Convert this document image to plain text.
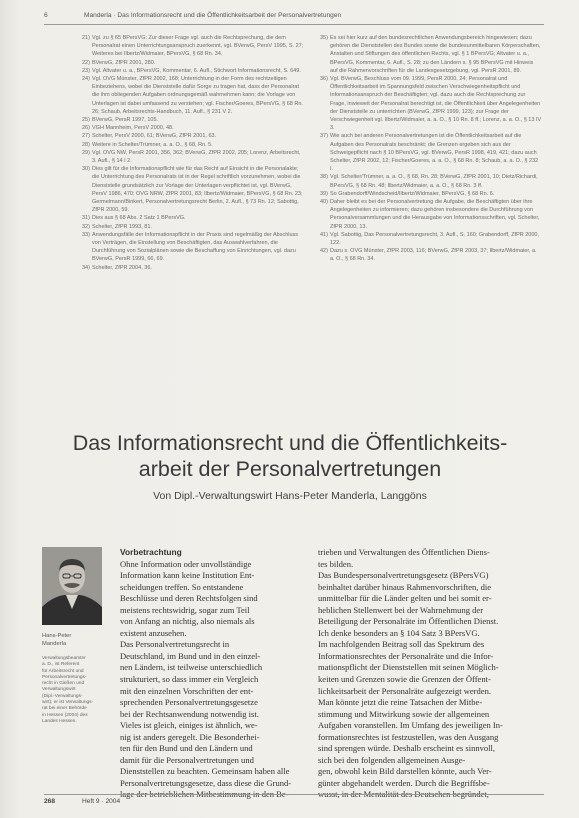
6	Manderla · Das Informationsrecht und die Öffentlichkeitsarbeit der Personalvertretungen
21) Vgl. zu § 65 BPersVG: Zur dieser Frage vgl. auch die Rechtsprechung, die dem Personalrat einen Unterrichtungsanspruch zuerkennt, vgl. BVerwG, PersV 1995, S. 27; Weiteres bei Ilbertz/Widmaier, BPersVG, § 68 Rn. 34.
22) BVerwG, ZfPR 2001, 280.
23) Vgl. Altvater u. a., BPersVG, Kommentar, 6. Aufl., Stichwort Informationsrecht, S. 649.
24) Vgl. OVG Münster, ZfPR 2002, 168; Unterrichtung in der Form des rechtzeitigen Einbeziehens, wobei die Dienststelle dafür Sorge zu tragen hat, dass der Personalrat die ihm obliegenden Aufgaben ordnungsgemäß wahrnehmen kann; die Vorlage von Unterlagen ist dabei umfassend zu verstehen; vgl. Fischer/Goeres, BPersVG, § 68 Rn. 26; Schaub, Arbeitsrechts-Handbuch, 11. Aufl., § 231 V 2.
25) BVerwG, PersR 1997, 105.
26) VGH Mannheim, PersV 2000, 48.
27) Schelter, PersV 2000, 61; BVerwG, ZfPR 2001, 63.
28) Weitere in Schelter/Trümner, a. a. O., § 68, Rn. 5.
29) Vgl. OVG NW, PersR 2001, 356, 362; BVerwG, ZfPR 2002, 205; Lorenz, Arbeitsrecht, 3. Aufl., § 14 I 2.
30) Dies gilt für die Informationspflicht wie für das Recht auf Einsicht in die Personalakte; die Unterrichtung des Personalrats ist in der Regel schriftlich vorzunehmen, wobei die Dienststelle grundsätzlich zur Vorlage der Unterlagen verpflichtet ist, vgl. BVerwG, PersV 1986, 470; OVG NRW, ZfPR 2001, 83; Ilbertz/Widmaier, BPersVG, § 68 Rn. 23; Germelmann/Binkert, Personalvertretungsrecht Berlin, 2. Aufl., § 73 Rn. 12; Sabottig, ZfPR 2000, 59.
31) Dies aus § 68 Abs. 2 Satz 1 BPersVG.
32) Schelter, ZfPR 1993, 81.
33) Anwendungsfälle der Informationspflicht in der Praxis sind regelmäßig der Abschluss von Verträgen, die Einstellung von Beschäftigten, das Auswahlverfahren, die Durchführung von Sozialplänen sowie die Beschaffung von Einrichtungen, vgl. dazu BVerwG, PersR 1999, 66, 69.
34) Schelter, ZfPR 2004, 36.
35) Es sei hier kurz auf den bundesrechtlichen Anwendungsbereich hingewiesen; dazu gehören die Dienststellen des Bundes sowie die bundesunmittelbaren Körperschaften, Anstalten und Stiftungen des öffentlichen Rechts, vgl. § 1 BPersVG; Altvater u. a., BPersVG, Kommentar, 6. Aufl., S. 28; zu den Ländern s. § 95 BPersVG mit Hinweis auf die Rahmenvorschriften für die Landesgesetzgebung, vgl. PersR 2001, 89.
36) Vgl. BVerwG, Beschluss vom 09. 1999, PersR 2000, 24; Personalrat und Öffentlichkeitsarbeit im Spannungsfeld zwischen Verschwiegenheitspflicht und Informationsanspruch der Beschäftigten; vgl. dazu auch die Rechtsprechung zur Frage, inwieweit der Personalrat berechtigt ist, die Öffentlichkeit über Angelegenheiten der Dienststelle zu unterrichten (BVerwG, ZfPR 1999, 123); zur Frage der Verschwiegenheit vgl. Ilbertz/Widmaier, a. a. O., § 10 Rn. 8 ff.; Lorenz, a. a. O., § 13 IV 3.
37) Wie auch bei anderen Personalvertretungen ist die Öffentlichkeitsarbeit auf die Aufgaben des Personalrats beschränkt; die Grenzen ergeben sich aus der Schweigepflicht nach § 10 BPersVG, vgl. BVerwG, PersR 1998, 419, 421; dazu auch Schelter, ZfPR 2002, 12; Fischer/Goeres, a. a. O., § 68 Rn. 8; Schaub, a. a. O., § 232 I.
38) Vgl. Schelter/Trümner, a. a. O., § 68, Rn. 28; BVerwG, ZfPR 2001, 10; Dietz/Richardi, BPersVG, § 68 Rn. 48; Ilbertz/Widmaier, a. a. O., § 68 Rn. 3 ff.
39) So Grabendorff/Windscheid/Ilbertz/Widmaier, BPersVG, § 68 Rn. 6.
40) Daher bleibt es bei der Personalvertretung die Aufgabe, die Beschäftigten über ihre Angelegenheiten zu informieren; dazu gehören insbesondere die Durchführung von Personalversammlungen und die Herausgabe von Informationsschriften, vgl. Schelter, ZfPR 2000, 13.
41) Vgl. Sabottig, Das Personalvertretungsrecht, 3. Aufl., S. 160; Grabendorff, ZfPR 2000, 122.
42) Dazu s. OVG Münster, ZfPR 2003, 116; BVerwG, ZfPR 2003, 37; Ilbertz/Widmaier, a. a. O., § 68 Rn. 34.
Das Informationsrecht und die Öffentlichkeits-
arbeit der Personalvertretungen
Von Dipl.-Verwaltungswirt Hans-Peter Manderla, Langgöns
Hans-Peter
Manderla
Verwaltungsbeamter
a. D., ist Referent
für Arbeitsrecht und
Personalvertretungs-
recht in Gießen und
Verwaltungswirt
(Dipl.-Verwaltungs-
wirt); er ist Verwaltungs-
rat bei einer Behörde
in Hessen (2004) des
Landes Hessen.
Vorbetrachtung
Ohne Information oder unvollständige
Information kann keine Institution Ent-
scheidungen treffen. So entstandene
Beschlüsse und deren Rechtsfolgen sind
meistens rechtswidrig, sogar zum Teil
von Anfang an nichtig, also niemals als
existent anzusehen.
Das Personalvertretungsrecht in
Deutschland, im Bund und in den einzel-
nen Ländern, ist teilweise unterschiedlich
strukturiert, so dass immer ein Vergleich
mit den einzelnen Vorschriften der ent-
sprechenden Personalvertretungsgesetze
bei der Rechtsanwendung notwendig ist.
Vieles ist gleich, einiges ist ähnlich, we-
nig ist anders geregelt. Die Besonderhei-
ten für den Bund und den Ländern und
damit für die Personalvertretungen und
Dienststellen zu beachten. Gemeinsam haben alle
Personalvertretungsgesetze, dass diese die Grund-
lage der betrieblichen Mitbestimmung in den Be-
trieben und Verwaltungen des Öffentlichen Diens-
tes bilden.
Das Bundespersonalvertretungsgesetz (BPersVG)
beinhaltet darüber hinaus Rahmenvorschriften, die
unmittelbar für die Länder gelten und bei somit er-
heblichen Stellenwert bei der Wahrnehmung der
Beteiligung der Personalräte im Öffentlichen Dienst.
Ich denke besonders an § 104 Satz 3 BPersVG.
Im nachfolgenden Beitrag soll das Spektrum des
Informationsrechtes der Personalräte und die Infor-
mationspflicht der Dienststellen mit seinen Möglich-
keiten und Grenzen sowie die Grenzen der Öffent-
lichkeitsarbeit der Personalräte aufgezeigt werden.
Man könnte jetzt die reine Tatsachen der Mitbe-
stimmung und Mitwirkung sowie der allgemeinen
Aufgaben voranstellen. Im Umfang des jeweiligen In-
formationsrechtes ist festzustellen, was den Ausgang
sind sprengen würde. Deshalb erscheint es sinnvoll,
sich bei den folgenden allgemeinen Ausge-
gen, obwohl kein Bild darstellen könnte, auch Ver-
günter abgehandelt werden. Durch die Begriffsbe-
wusst, in der Mentalität des Deutschen begründet,
268	Heft 9 · 2004
